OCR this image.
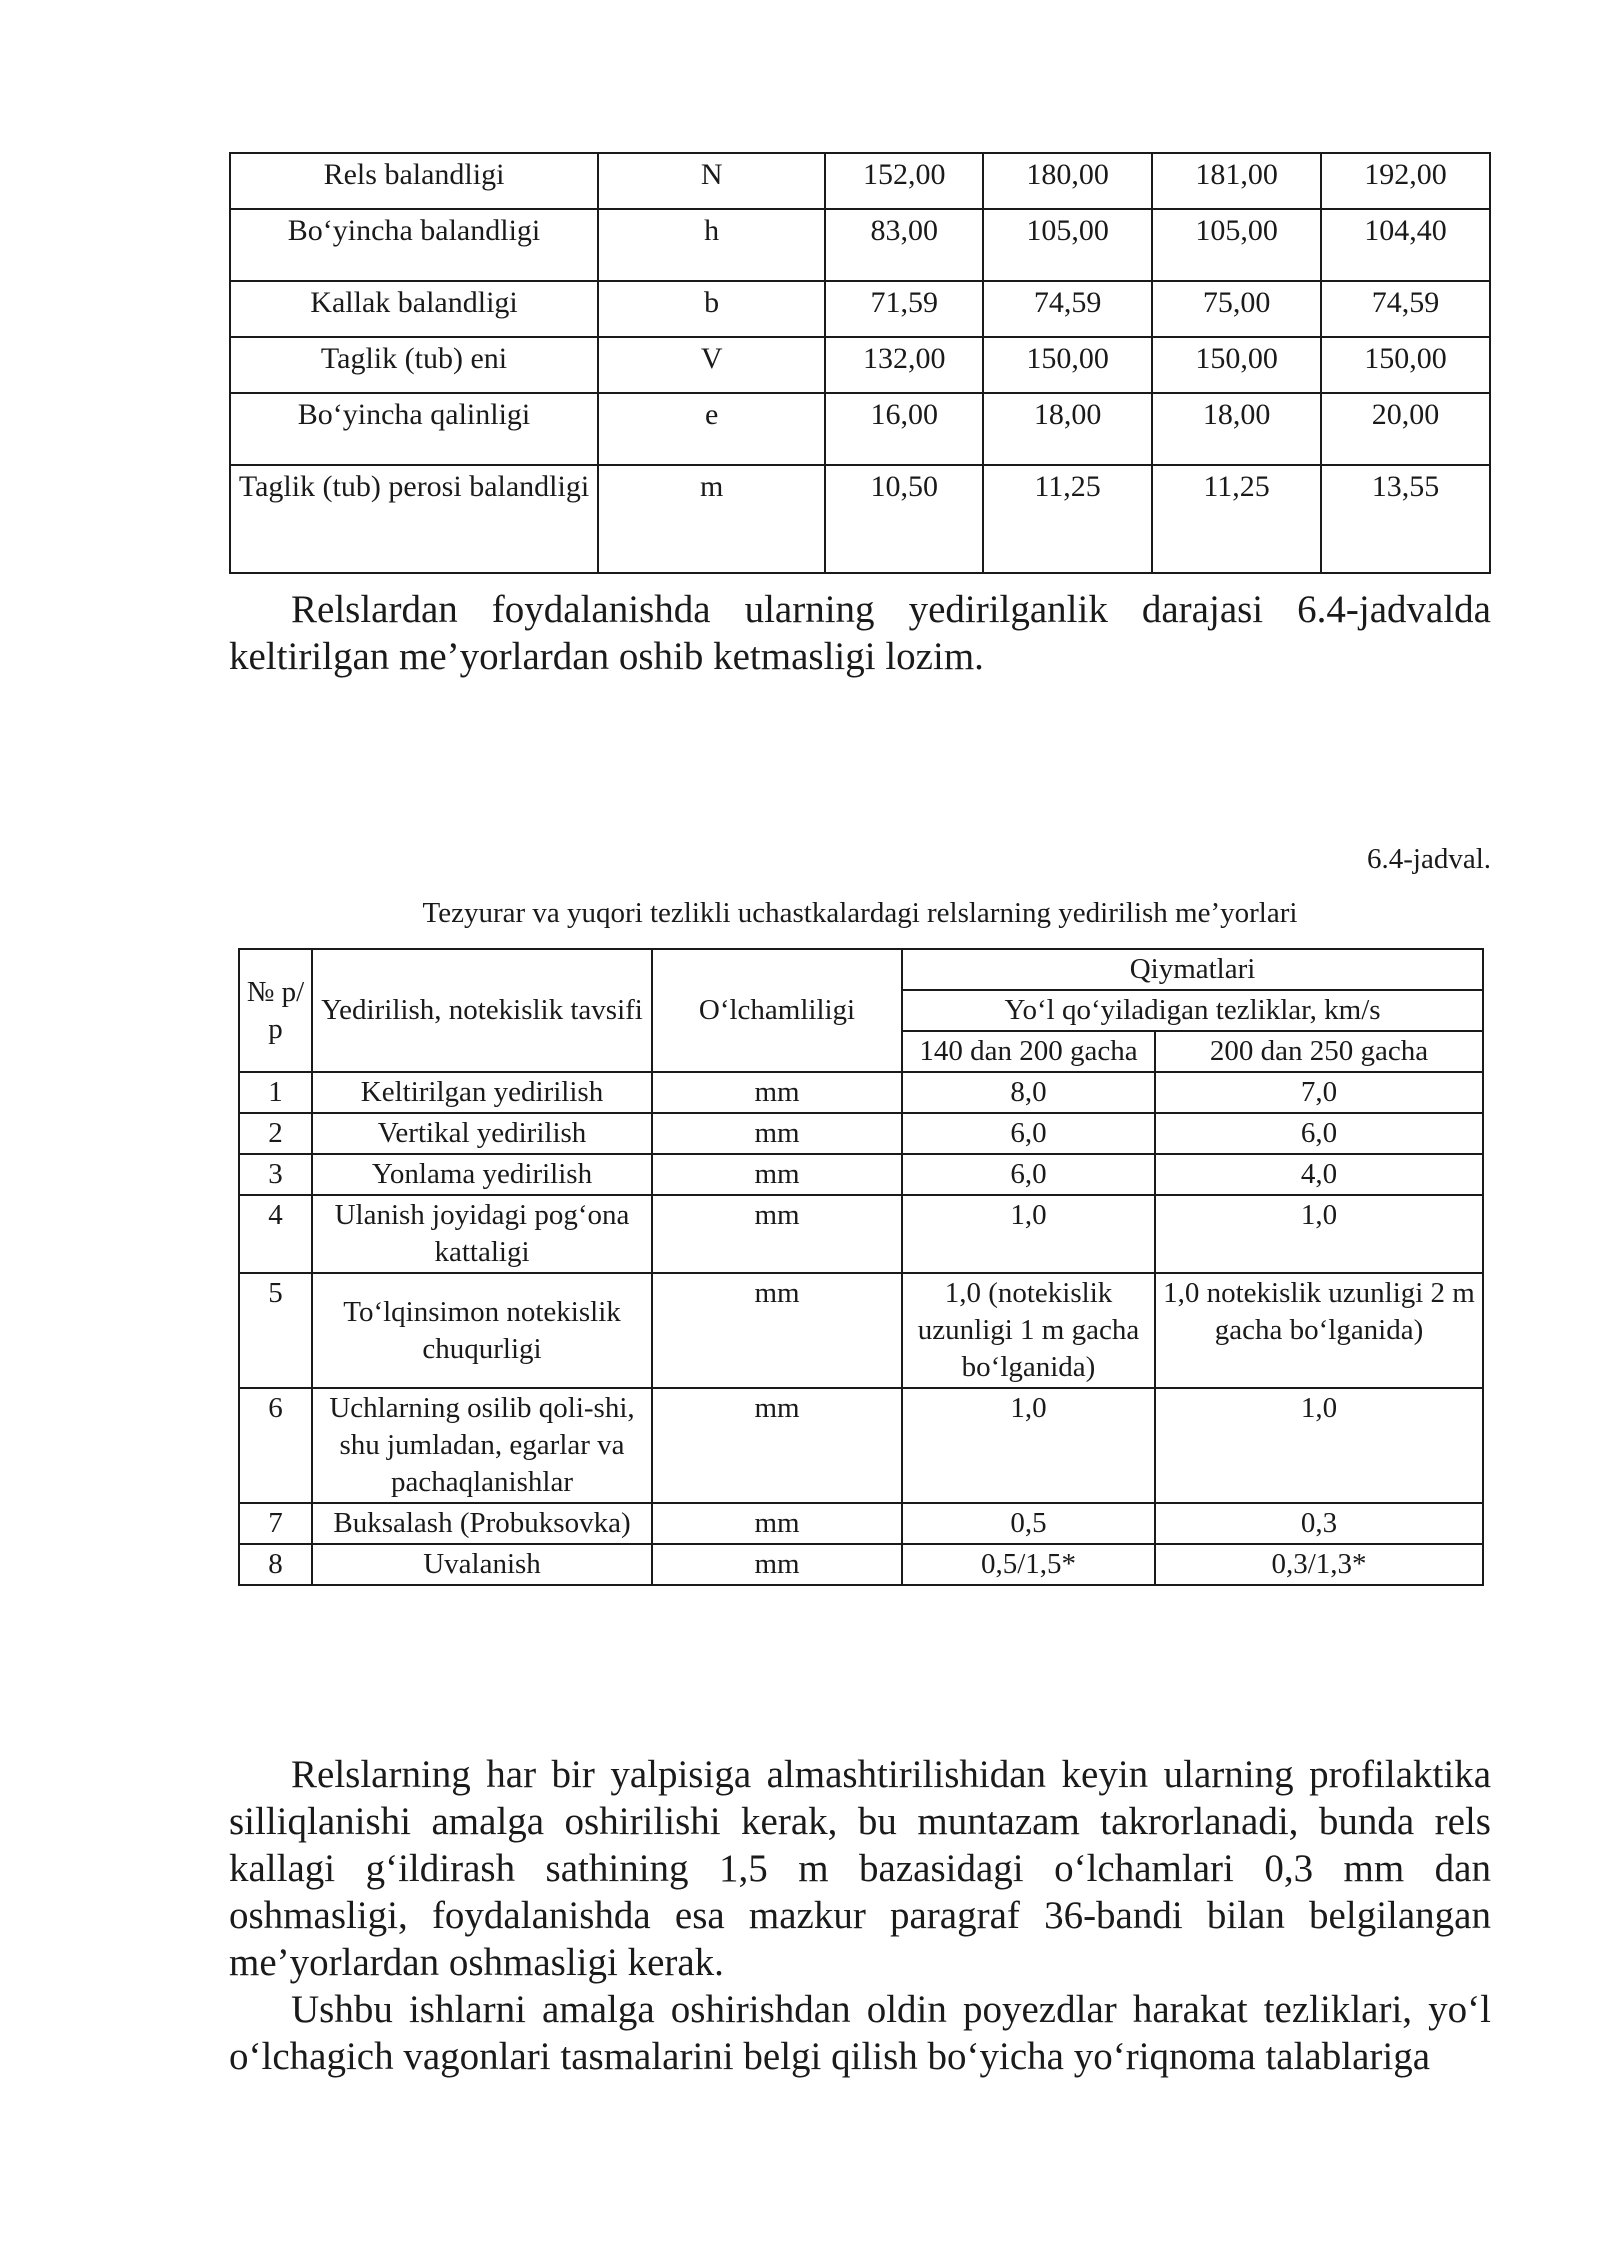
Rels balandligi	N	152,00	180,00	181,00	192,00
Bo‘yincha balandligi	h	83,00	105,00	105,00	104,40
Kallak balandligi	b	71,59	74,59	75,00	74,59
Taglik (tub) eni	V	132,00	150,00	150,00	150,00
Bo‘yincha qalinligi	e	16,00	18,00	18,00	20,00
Taglik (tub) perosi balandligi	m	10,50	11,25	11,25	13,55

Relslardan foydalanishda ularning yedirilganlik darajasi 6.4-jadvalda keltirilgan me’yorlardan oshib ketmasligi lozim.

6.4-jadval.
Tezyurar va yuqori tezlikli uchastkalardagi relslarning yedirilish me’yorlari
№ p/ p	Yedirilish, notekislik tavsifi	O‘lchamliligi	Qiymatlari	
			Yo‘l qo‘yiladigan tezliklar, km/s	
			140 dan 200 gacha	200 dan 250 gacha
1	Keltirilgan yedirilish	mm	8,0	7,0
2	Vertikal yedirilish	mm	6,0	6,0
3	Yonlama yedirilish	mm	6,0	4,0
4	Ulanish joyidagi pog‘ona kattaligi	mm	1,0	1,0
5	To‘lqinsimon notekislik chuqurligi	mm	1,0 (notekislik uzunligi 1 m gacha bo‘lganida)	1,0 notekislik uzunligi 2 m gacha bo‘lganida)
6	Uchlarning osilib qoli-shi, shu jumladan, egarlar va pachaqlanishlar	mm	1,0	1,0
7	Buksalash (Probuksovka)	mm	0,5	0,3
8	Uvalanish	mm	0,5/1,5*	0,3/1,3*

Relslarning har bir yalpisiga almashtirilishidan keyin ularning profilaktika silliqlanishi amalga oshirilishi kerak, bu muntazam takrorlanadi, bunda rels kallagi g‘ildirash sathining 1,5 m bazasidagi o‘lchamlari 0,3 mm dan oshmasligi, foydalanishda esa mazkur paragraf 36-bandi bilan belgilangan me’yorlardan oshmasligi kerak.

Ushbu ishlarni amalga oshirishdan oldin poyezdlar harakat tezliklari, yo‘l o‘lchagich vagonlari tasmalarini belgi qilish bo‘yicha yo‘riqnoma talablariga
